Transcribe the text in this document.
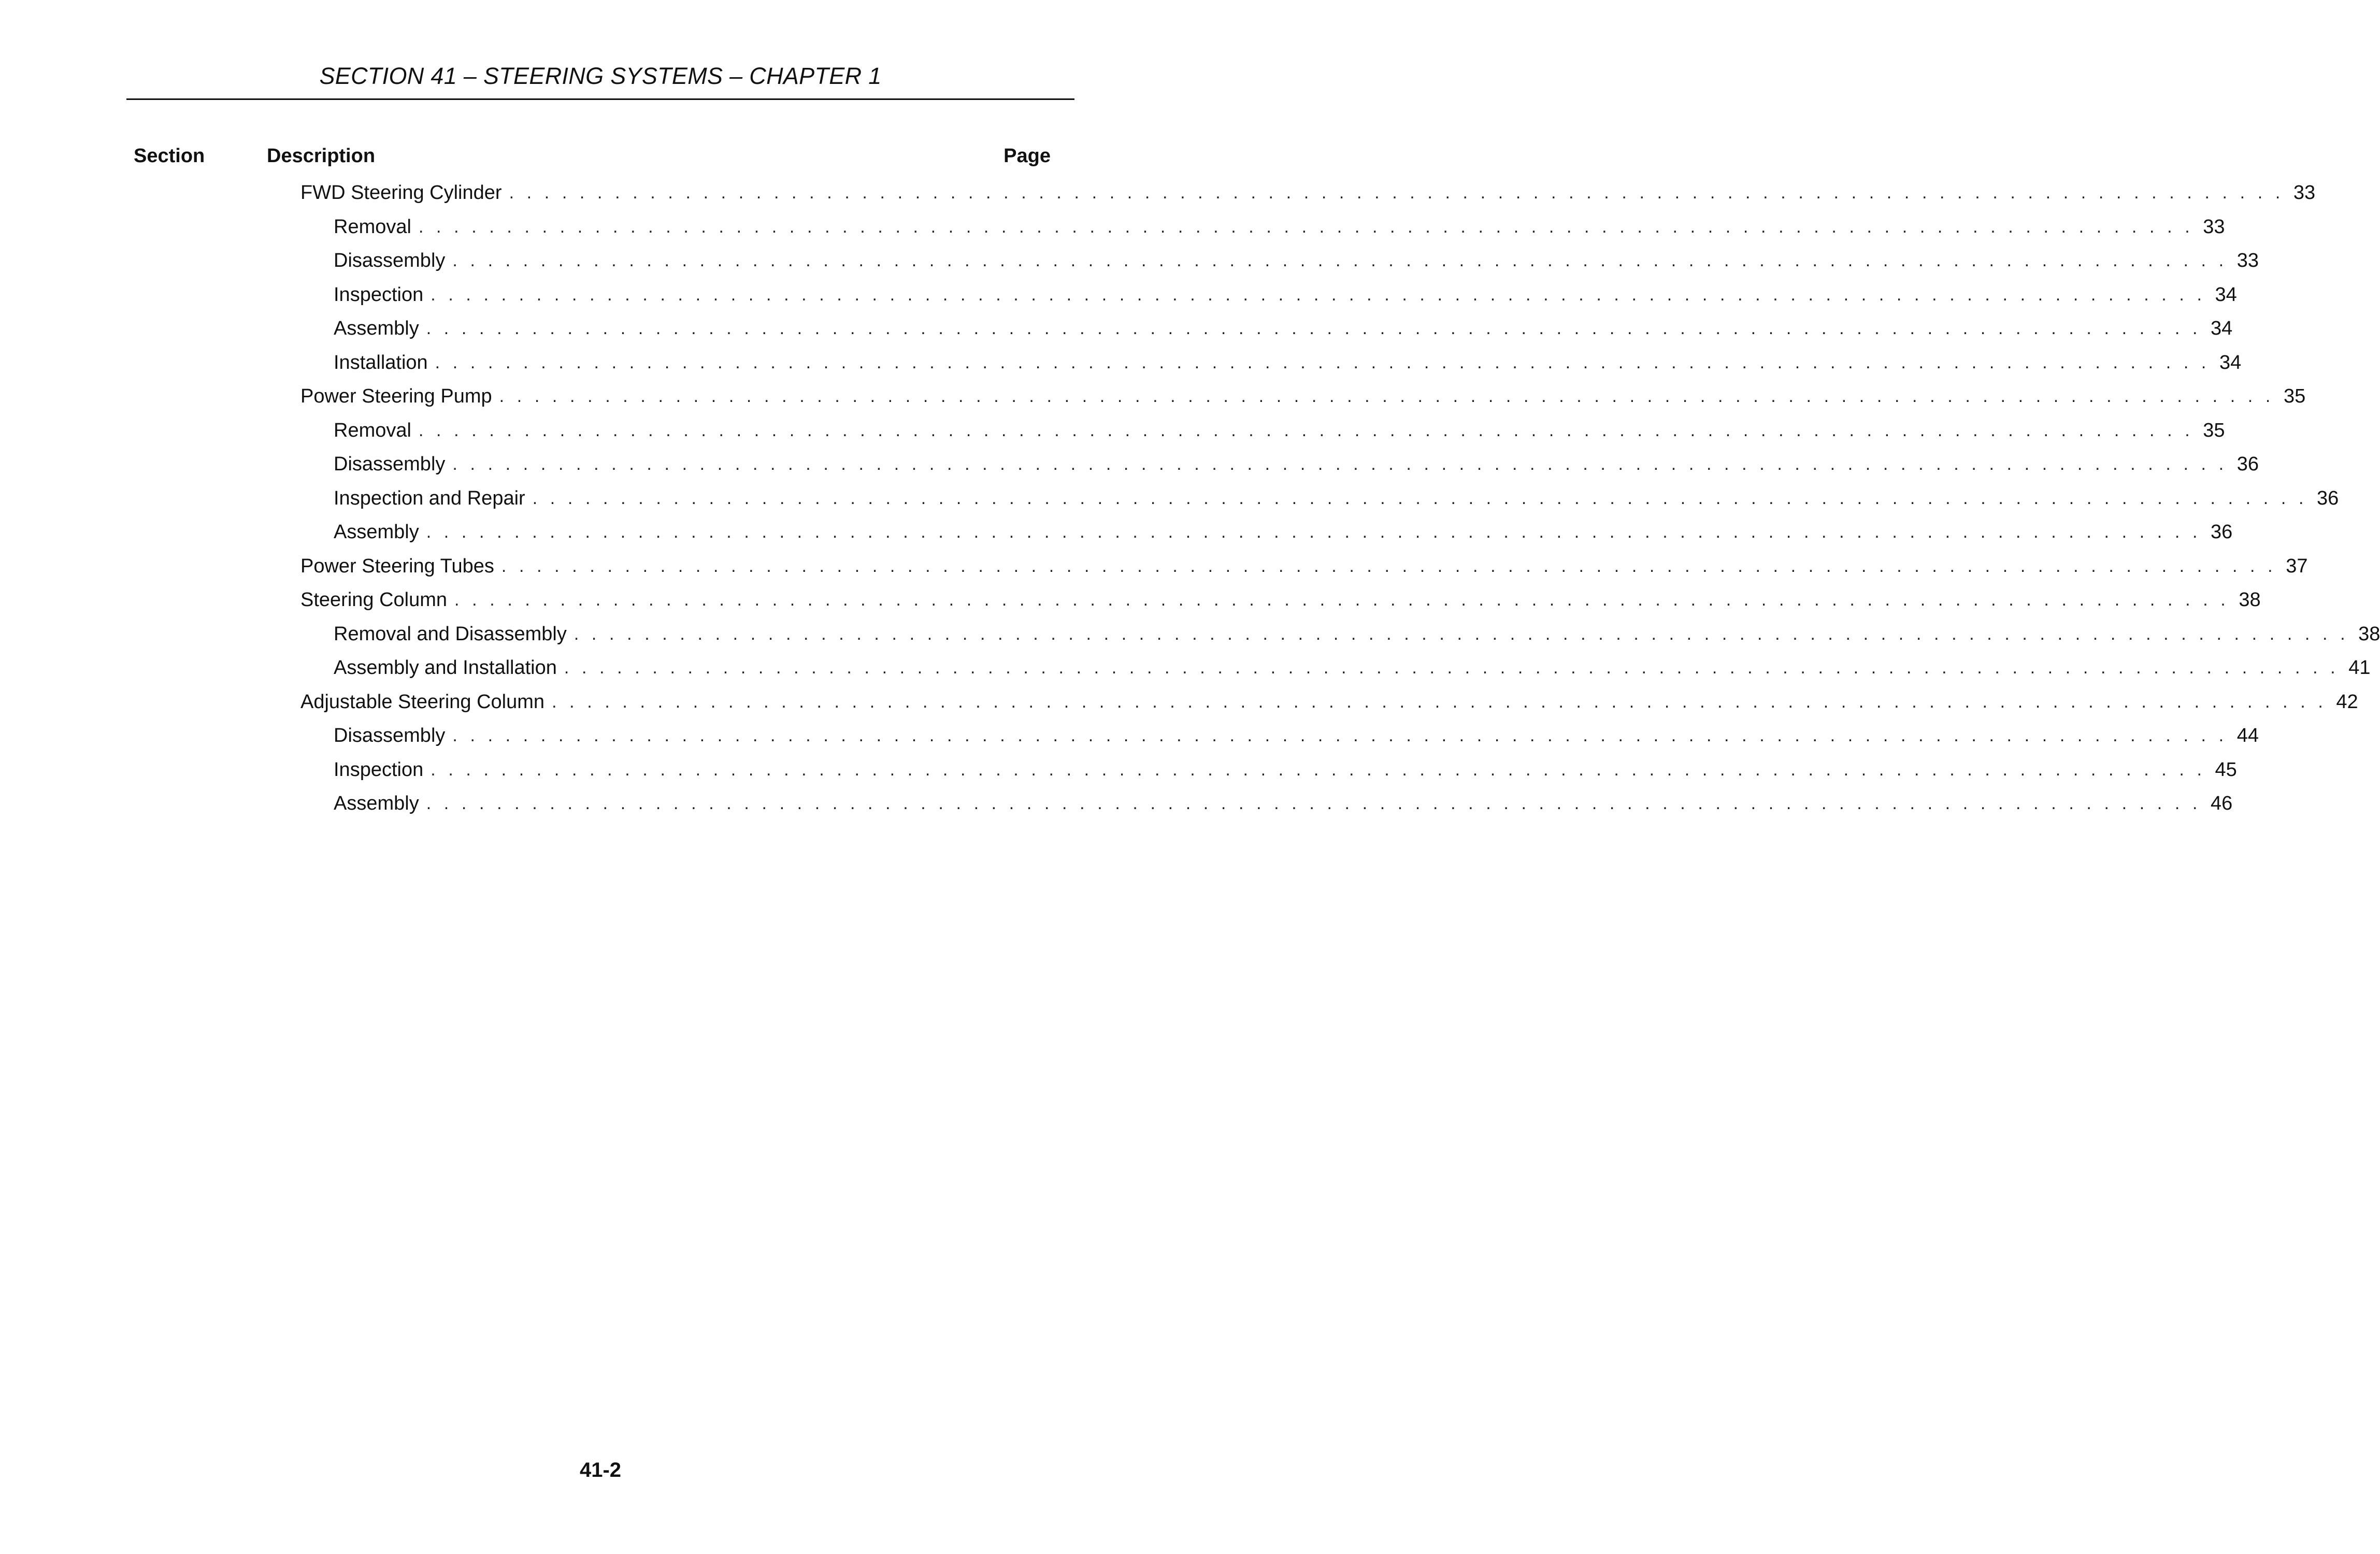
SECTION 41 – STEERING SYSTEMS – CHAPTER 1
Section	Description	Page
FWD Steering Cylinder . . . . . . . . . . . . . . . . . . . . . . . . . . . . . . . . . . . . . . . . . . . . . . . . . . . . . . . . . . . . . . . . . . . . . . . . . . . . . . . . . . . . . . . . . . . . . . . . . . . . . 33
Removal . . . . . . . . . . . . . . . . . . . . . . . . . . . . . . . . . . . . . . . . . . . . . . . . . . . . . . . . . . . . . . . . . . . . . . . . . . . . . . . . . . . . . . . . . . . . . . . . . . . . . 33
Disassembly . . . . . . . . . . . . . . . . . . . . . . . . . . . . . . . . . . . . . . . . . . . . . . . . . . . . . . . . . . . . . . . . . . . . . . . . . . . . . . . . . . . . . . . . . . . . . . . . . . . . . 33
Inspection . . . . . . . . . . . . . . . . . . . . . . . . . . . . . . . . . . . . . . . . . . . . . . . . . . . . . . . . . . . . . . . . . . . . . . . . . . . . . . . . . . . . . . . . . . . . . . . . . . . . . 34
Assembly . . . . . . . . . . . . . . . . . . . . . . . . . . . . . . . . . . . . . . . . . . . . . . . . . . . . . . . . . . . . . . . . . . . . . . . . . . . . . . . . . . . . . . . . . . . . . . . . . . . . . 34
Installation . . . . . . . . . . . . . . . . . . . . . . . . . . . . . . . . . . . . . . . . . . . . . . . . . . . . . . . . . . . . . . . . . . . . . . . . . . . . . . . . . . . . . . . . . . . . . . . . . . . . . 34
Power Steering Pump . . . . . . . . . . . . . . . . . . . . . . . . . . . . . . . . . . . . . . . . . . . . . . . . . . . . . . . . . . . . . . . . . . . . . . . . . . . . . . . . . . . . . . . . . . . . . . . . . . . . . 35
Removal . . . . . . . . . . . . . . . . . . . . . . . . . . . . . . . . . . . . . . . . . . . . . . . . . . . . . . . . . . . . . . . . . . . . . . . . . . . . . . . . . . . . . . . . . . . . . . . . . . . . . 35
Disassembly . . . . . . . . . . . . . . . . . . . . . . . . . . . . . . . . . . . . . . . . . . . . . . . . . . . . . . . . . . . . . . . . . . . . . . . . . . . . . . . . . . . . . . . . . . . . . . . . . . . . . 36
Inspection and Repair . . . . . . . . . . . . . . . . . . . . . . . . . . . . . . . . . . . . . . . . . . . . . . . . . . . . . . . . . . . . . . . . . . . . . . . . . . . . . . . . . . . . . . . . . . . . . . . . . . . . . 36
Assembly . . . . . . . . . . . . . . . . . . . . . . . . . . . . . . . . . . . . . . . . . . . . . . . . . . . . . . . . . . . . . . . . . . . . . . . . . . . . . . . . . . . . . . . . . . . . . . . . . . . . . 36
Power Steering Tubes . . . . . . . . . . . . . . . . . . . . . . . . . . . . . . . . . . . . . . . . . . . . . . . . . . . . . . . . . . . . . . . . . . . . . . . . . . . . . . . . . . . . . . . . . . . . . . . . . . . . . 37
Steering Column . . . . . . . . . . . . . . . . . . . . . . . . . . . . . . . . . . . . . . . . . . . . . . . . . . . . . . . . . . . . . . . . . . . . . . . . . . . . . . . . . . . . . . . . . . . . . . . . . . . . . 38
Removal and Disassembly . . . . . . . . . . . . . . . . . . . . . . . . . . . . . . . . . . . . . . . . . . . . . . . . . . . . . . . . . . . . . . . . . . . . . . . . . . . . . . . . . . . . . . . . . . . . . . . . . . . . . 38
Assembly and Installation . . . . . . . . . . . . . . . . . . . . . . . . . . . . . . . . . . . . . . . . . . . . . . . . . . . . . . . . . . . . . . . . . . . . . . . . . . . . . . . . . . . . . . . . . . . . . . . . . . . . . 41
Adjustable Steering Column . . . . . . . . . . . . . . . . . . . . . . . . . . . . . . . . . . . . . . . . . . . . . . . . . . . . . . . . . . . . . . . . . . . . . . . . . . . . . . . . . . . . . . . . . . . . . . . . . . . . . 42
Disassembly . . . . . . . . . . . . . . . . . . . . . . . . . . . . . . . . . . . . . . . . . . . . . . . . . . . . . . . . . . . . . . . . . . . . . . . . . . . . . . . . . . . . . . . . . . . . . . . . . . . . . 44
Inspection . . . . . . . . . . . . . . . . . . . . . . . . . . . . . . . . . . . . . . . . . . . . . . . . . . . . . . . . . . . . . . . . . . . . . . . . . . . . . . . . . . . . . . . . . . . . . . . . . . . . . 45
Assembly . . . . . . . . . . . . . . . . . . . . . . . . . . . . . . . . . . . . . . . . . . . . . . . . . . . . . . . . . . . . . . . . . . . . . . . . . . . . . . . . . . . . . . . . . . . . . . . . . . . . . 46
41-2
